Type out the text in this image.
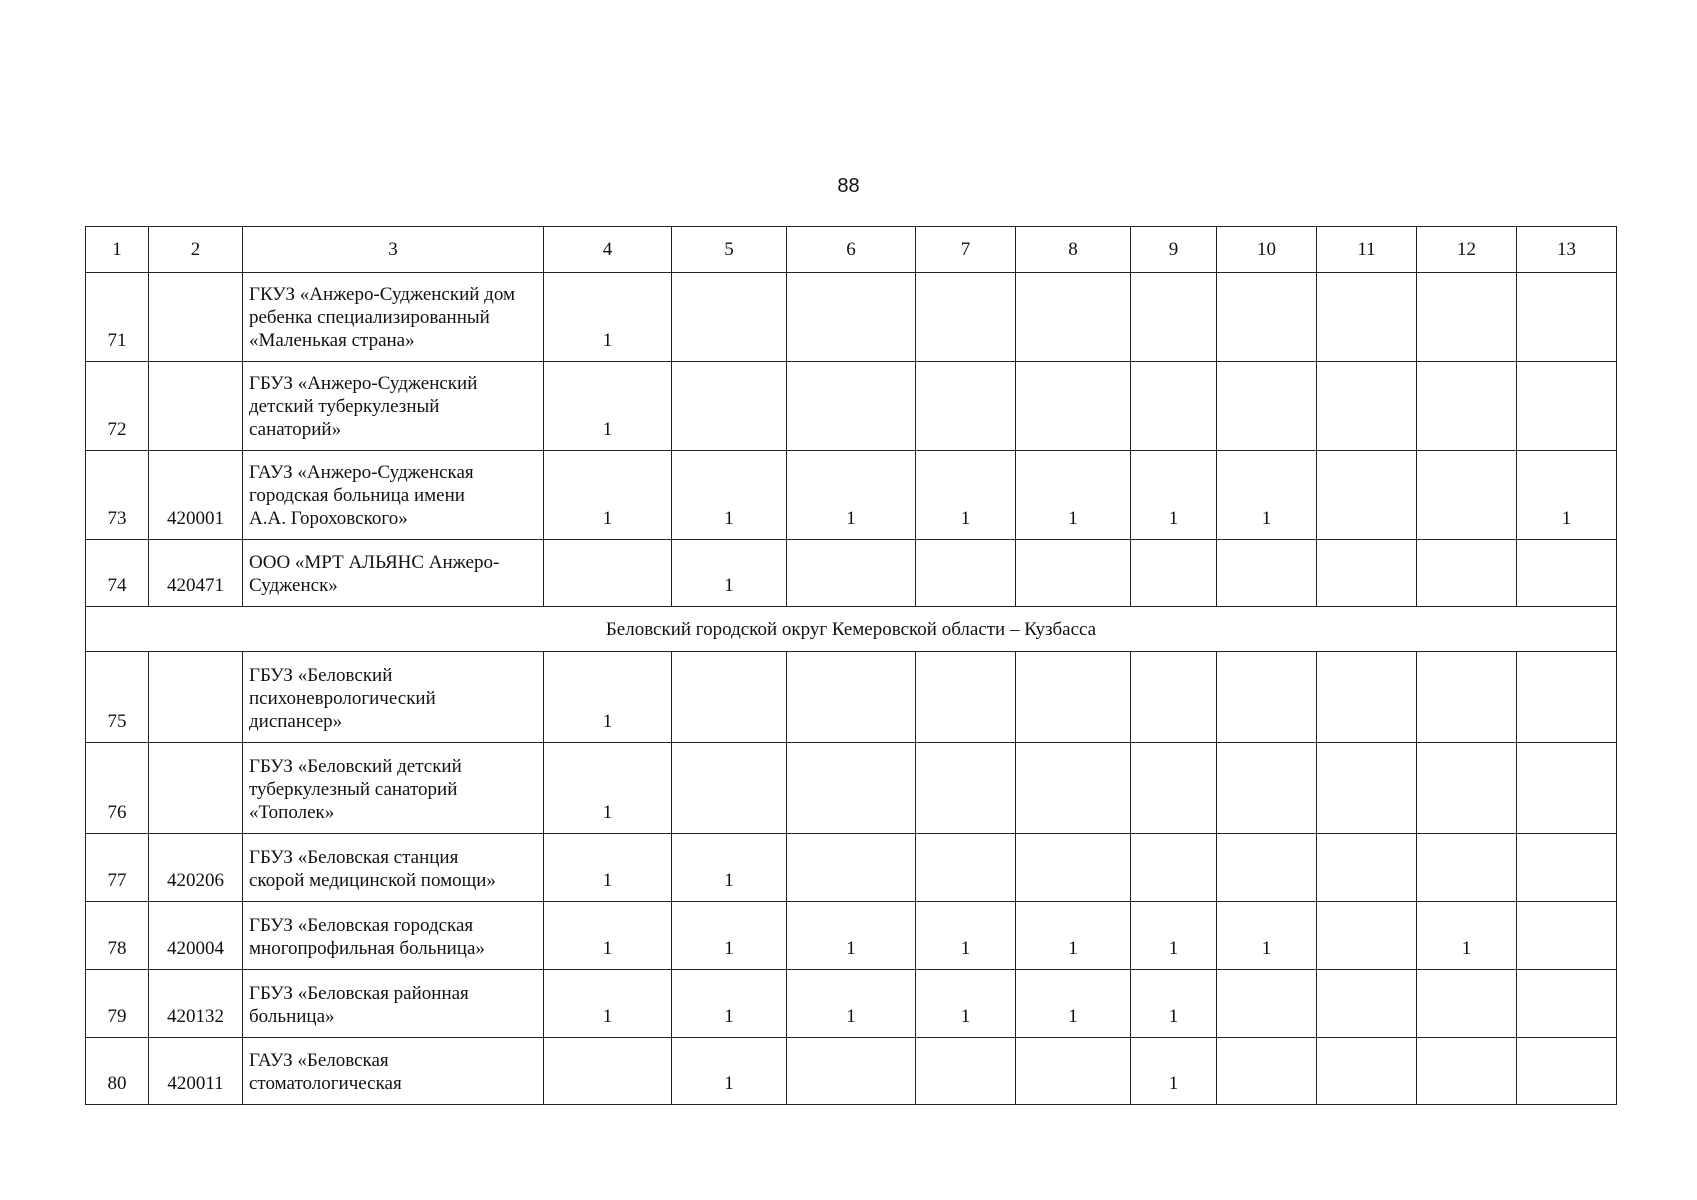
88
1	2	3	4	5	6	7	8	9	10	11	12	13

71		ГКУЗ «Анжеро-Судженский дом
ребенка специализированный
«Маленькая страна»	1									

72		ГБУЗ «Анжеро-Судженский
детский туберкулезный
санаторий»	1									

73	420001	ГАУЗ «Анжеро-Судженская
городская больница имени
А.А. Гороховского»	1	1	1	1	1	1	1			1

74	420471	ООО «МРТ АЛЬЯНС Анжеро-
Судженск»		1								

Беловский городской округ Кемеровской области – Кузбасса												

75		ГБУЗ «Беловский
психоневрологический
диспансер»	1									

76		ГБУЗ «Беловский детский
туберкулезный санаторий
«Тополек»	1									

77	420206	ГБУЗ «Беловская станция
скорой медицинской помощи»	1	1								

78	420004	ГБУЗ «Беловская городская
многопрофильная больница»	1	1	1	1	1	1	1		1	

79	420132	ГБУЗ «Беловская районная
больница»	1	1	1	1	1	1				

80	420011	ГАУЗ «Беловская
стоматологическая		1				1				
